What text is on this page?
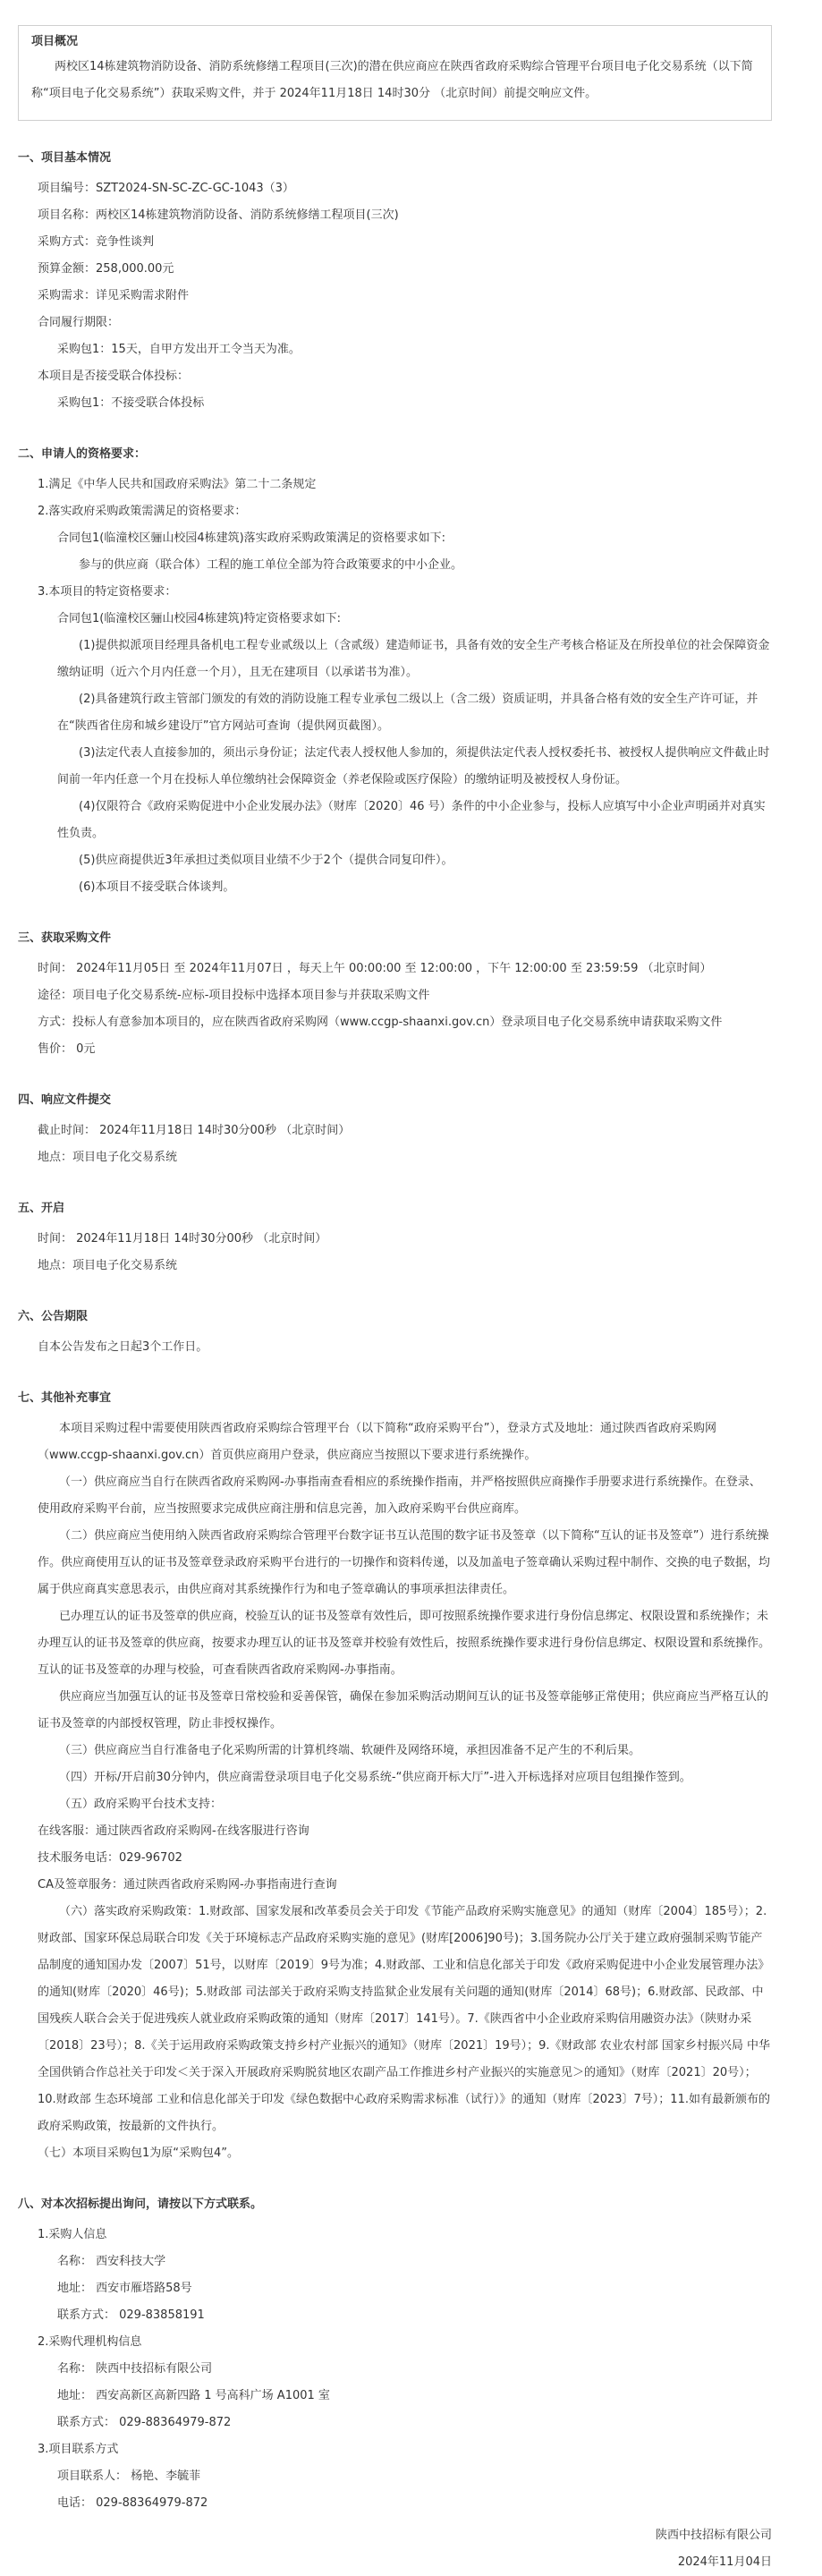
项目概况
两校区14栋建筑物消防设备、消防系统修缮工程项目(三次)的潜在供应商应在陕西省政府采购综合管理平台项目电子化交易系统（以下简称“项目电子化交易系统”）获取采购文件，并于 2024年11月18日 14时30分 （北京时间）前提交响应文件。
一、项目基本情况
项目编号：SZT2024-SN-SC-ZC-GC-1043（3）
项目名称：两校区14栋建筑物消防设备、消防系统修缮工程项目(三次)
采购方式：竞争性谈判
预算金额：258,000.00元
采购需求：详见采购需求附件
合同履行期限：
采购包1：15天，自甲方发出开工令当天为准。
本项目是否接受联合体投标：
采购包1：不接受联合体投标
二、申请人的资格要求：
1.满足《中华人民共和国政府采购法》第二十二条规定
2.落实政府采购政策需满足的资格要求：
合同包1(临潼校区骊山校园4栋建筑)落实政府采购政策满足的资格要求如下:
参与的供应商（联合体）工程的施工单位全部为符合政策要求的中小企业。
3.本项目的特定资格要求：
合同包1(临潼校区骊山校园4栋建筑)特定资格要求如下:
(1)提供拟派项目经理具备机电工程专业贰级以上（含贰级）建造师证书，具备有效的安全生产考核合格证及在所投单位的社会保障资金缴纳证明（近六个月内任意一个月），且无在建项目（以承诺书为准）。
(2)具备建筑行政主管部门颁发的有效的消防设施工程专业承包二级以上（含二级）资质证明，并具备合格有效的安全生产许可证，并在“陕西省住房和城乡建设厅”官方网站可查询（提供网页截图）。
(3)法定代表人直接参加的，须出示身份证；法定代表人授权他人参加的，须提供法定代表人授权委托书、被授权人提供响应文件截止时间前一年内任意一个月在投标人单位缴纳社会保障资金（养老保险或医疗保险）的缴纳证明及被授权人身份证。
(4)仅限符合《政府采购促进中小企业发展办法》（财库〔2020〕46 号）条件的中小企业参与，投标人应填写中小企业声明函并对真实性负责。
(5)供应商提供近3年承担过类似项目业绩不少于2个（提供合同复印件）。
(6)本项目不接受联合体谈判。
三、获取采购文件
时间： 2024年11月05日 至 2024年11月07日 ，每天上午 00:00:00 至 12:00:00 ，下午 12:00:00 至 23:59:59 （北京时间）
途径：项目电子化交易系统-应标-项目投标中选择本项目参与并获取采购文件
方式：投标人有意参加本项目的，应在陕西省政府采购网（www.ccgp-shaanxi.gov.cn）登录项目电子化交易系统申请获取采购文件
售价： 0元
四、响应文件提交
截止时间： 2024年11月18日 14时30分00秒 （北京时间）
地点：项目电子化交易系统
五、开启
时间： 2024年11月18日 14时30分00秒 （北京时间）
地点：项目电子化交易系统
六、公告期限
自本公告发布之日起3个工作日。
七、其他补充事宜
本项目采购过程中需要使用陕西省政府采购综合管理平台（以下简称“政府采购平台”），登录方式及地址：通过陕西省政府采购网（www.ccgp-shaanxi.gov.cn）首页供应商用户登录，供应商应当按照以下要求进行系统操作。
（一）供应商应当自行在陕西省政府采购网-办事指南查看相应的系统操作指南，并严格按照供应商操作手册要求进行系统操作。在登录、使用政府采购平台前，应当按照要求完成供应商注册和信息完善，加入政府采购平台供应商库。
（二）供应商应当使用纳入陕西省政府采购综合管理平台数字证书互认范围的数字证书及签章（以下简称“互认的证书及签章”）进行系统操作。供应商使用互认的证书及签章登录政府采购平台进行的一切操作和资料传递，以及加盖电子签章确认采购过程中制作、交换的电子数据，均属于供应商真实意思表示，由供应商对其系统操作行为和电子签章确认的事项承担法律责任。
已办理互认的证书及签章的供应商，校验互认的证书及签章有效性后，即可按照系统操作要求进行身份信息绑定、权限设置和系统操作；未办理互认的证书及签章的供应商，按要求办理互认的证书及签章并校验有效性后，按照系统操作要求进行身份信息绑定、权限设置和系统操作。互认的证书及签章的办理与校验，可查看陕西省政府采购网-办事指南。
供应商应当加强互认的证书及签章日常校验和妥善保管，确保在参加采购活动期间互认的证书及签章能够正常使用；供应商应当严格互认的证书及签章的内部授权管理，防止非授权操作。
（三）供应商应当自行准备电子化采购所需的计算机终端、软硬件及网络环境，承担因准备不足产生的不利后果。
（四）开标/开启前30分钟内，供应商需登录项目电子化交易系统-“供应商开标大厅”-进入开标选择对应项目包组操作签到。
（五）政府采购平台技术支持：
在线客服：通过陕西省政府采购网-在线客服进行咨询
技术服务电话：029-96702
CA及签章服务：通过陕西省政府采购网-办事指南进行查询
（六）落实政府采购政策：1.财政部、国家发展和改革委员会关于印发《节能产品政府采购实施意见》的通知（财库〔2004〕185号）；2.财政部、国家环保总局联合印发《关于环境标志产品政府采购实施的意见》(财库[2006]90号)；3.国务院办公厅关于建立政府强制采购节能产品制度的通知国办发〔2007〕51号，以财库〔2019〕9号为准；4.财政部、工业和信息化部关于印发《政府采购促进中小企业发展管理办法》的通知(财库〔2020〕46号)；5.财政部 司法部关于政府采购支持监狱企业发展有关问题的通知(财库〔2014〕68号)；6.财政部、民政部、中国残疾人联合会关于促进残疾人就业政府采购政策的通知（财库〔2017〕141号）。7.《陕西省中小企业政府采购信用融资办法》（陕财办采〔2018〕23号）；8.《关于运用政府采购政策支持乡村产业振兴的通知》（财库〔2021〕19号）；9.《财政部 农业农村部 国家乡村振兴局 中华全国供销合作总社关于印发＜关于深入开展政府采购脱贫地区农副产品工作推进乡村产业振兴的实施意见＞的通知》（财库〔2021〕20号）；10.财政部 生态环境部 工业和信息化部关于印发《绿色数据中心政府采购需求标准（试行）》的通知（财库〔2023〕7号）；11.如有最新颁布的政府采购政策，按最新的文件执行。
（七）本项目采购包1为原“采购包4”。
八、对本次招标提出询问，请按以下方式联系。
1.采购人信息
名称： 西安科技大学
地址： 西安市雁塔路58号
联系方式： 029-83858191
2.采购代理机构信息
名称： 陕西中技招标有限公司
地址： 西安高新区高新四路 1 号高科广场 A1001 室
联系方式： 029-88364979-872
3.项目联系方式
项目联系人： 杨艳、李毓菲
电话： 029-88364979-872
陕西中技招标有限公司
2024年11月04日
